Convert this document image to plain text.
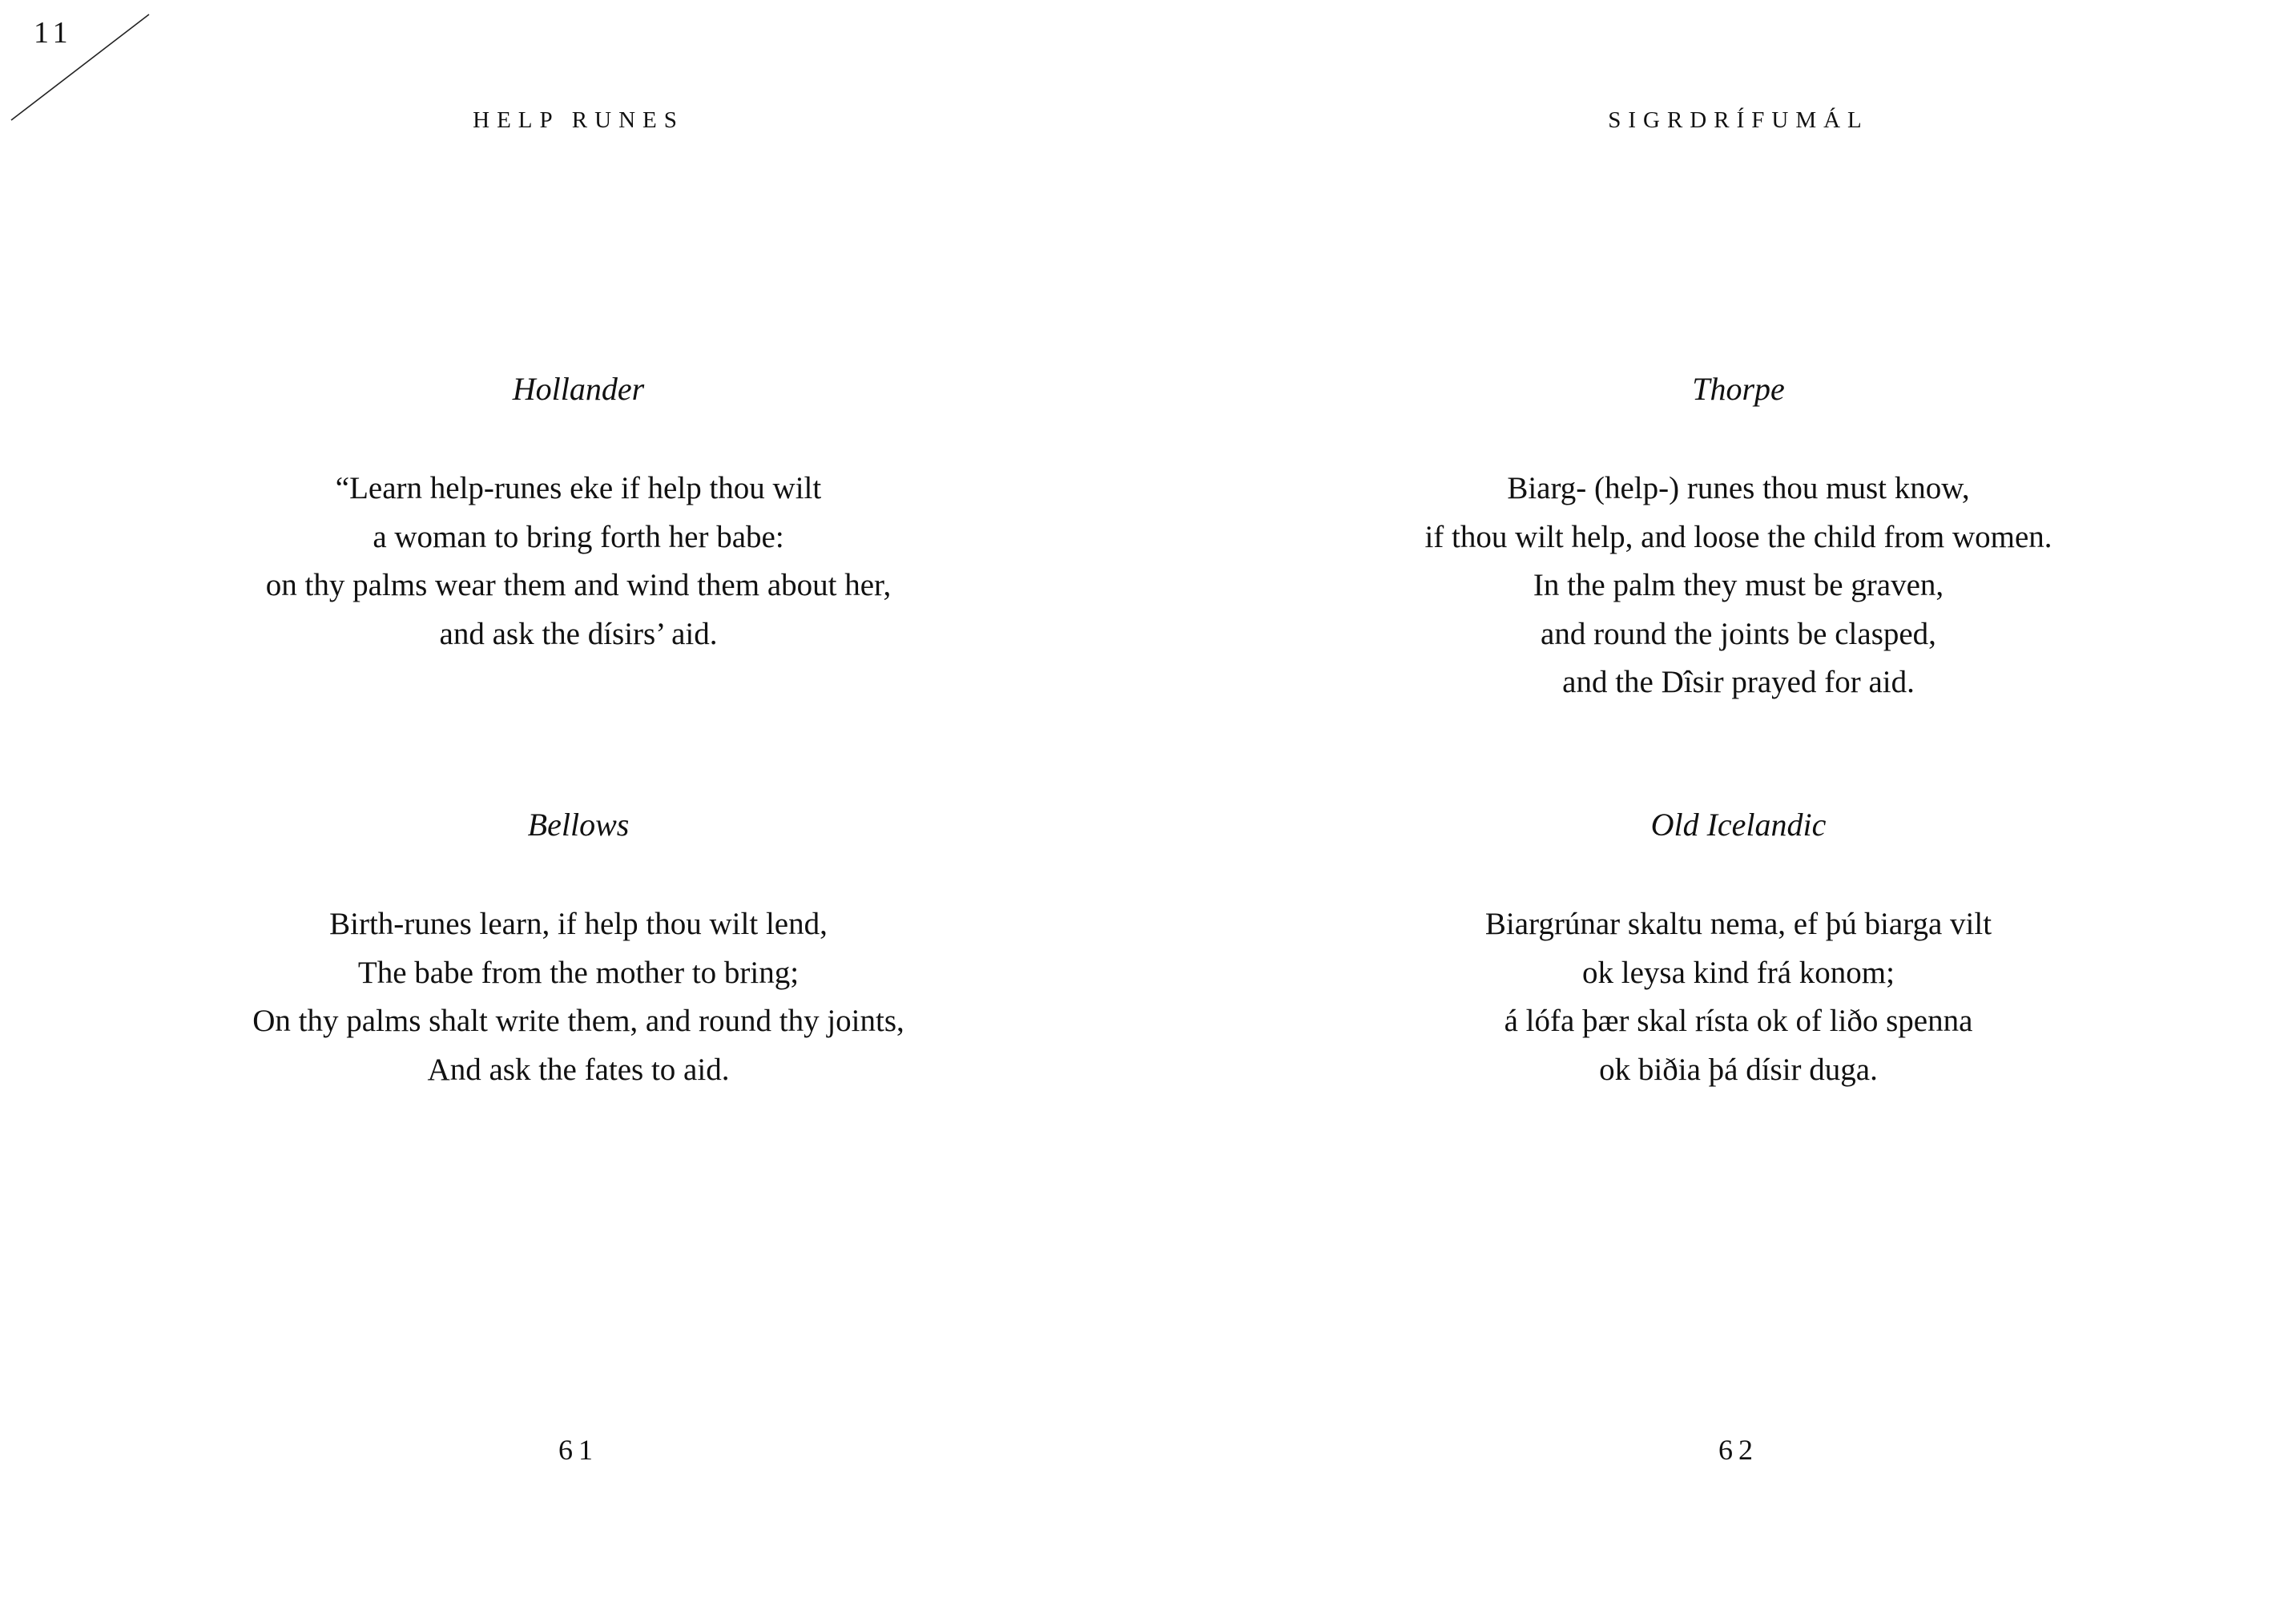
11
HELP RUNES

Hollander

“Learn help-runes eke if help thou wilt
a woman to bring forth her babe:
on thy palms wear them and wind them about her,
and ask the dísirs’ aid.

Bellows

Birth-runes learn, if help thou wilt lend,
The babe from the mother to bring;
On thy palms shalt write them, and round thy joints,
And ask the fates to aid.
61
SIGRDRÍFUMÁL

Thorpe

Biarg- (help-) runes thou must know,
if thou wilt help, and loose the child from women.
In the palm they must be graven,
and round the joints be clasped,
and the Dîsir prayed for aid.

Old Icelandic

Biargrúnar skaltu nema, ef þú biarga vilt
ok leysa kind frá konom;
á lófa þær skal rísta ok of liðo spenna
ok biðia þá dísir duga.
62
